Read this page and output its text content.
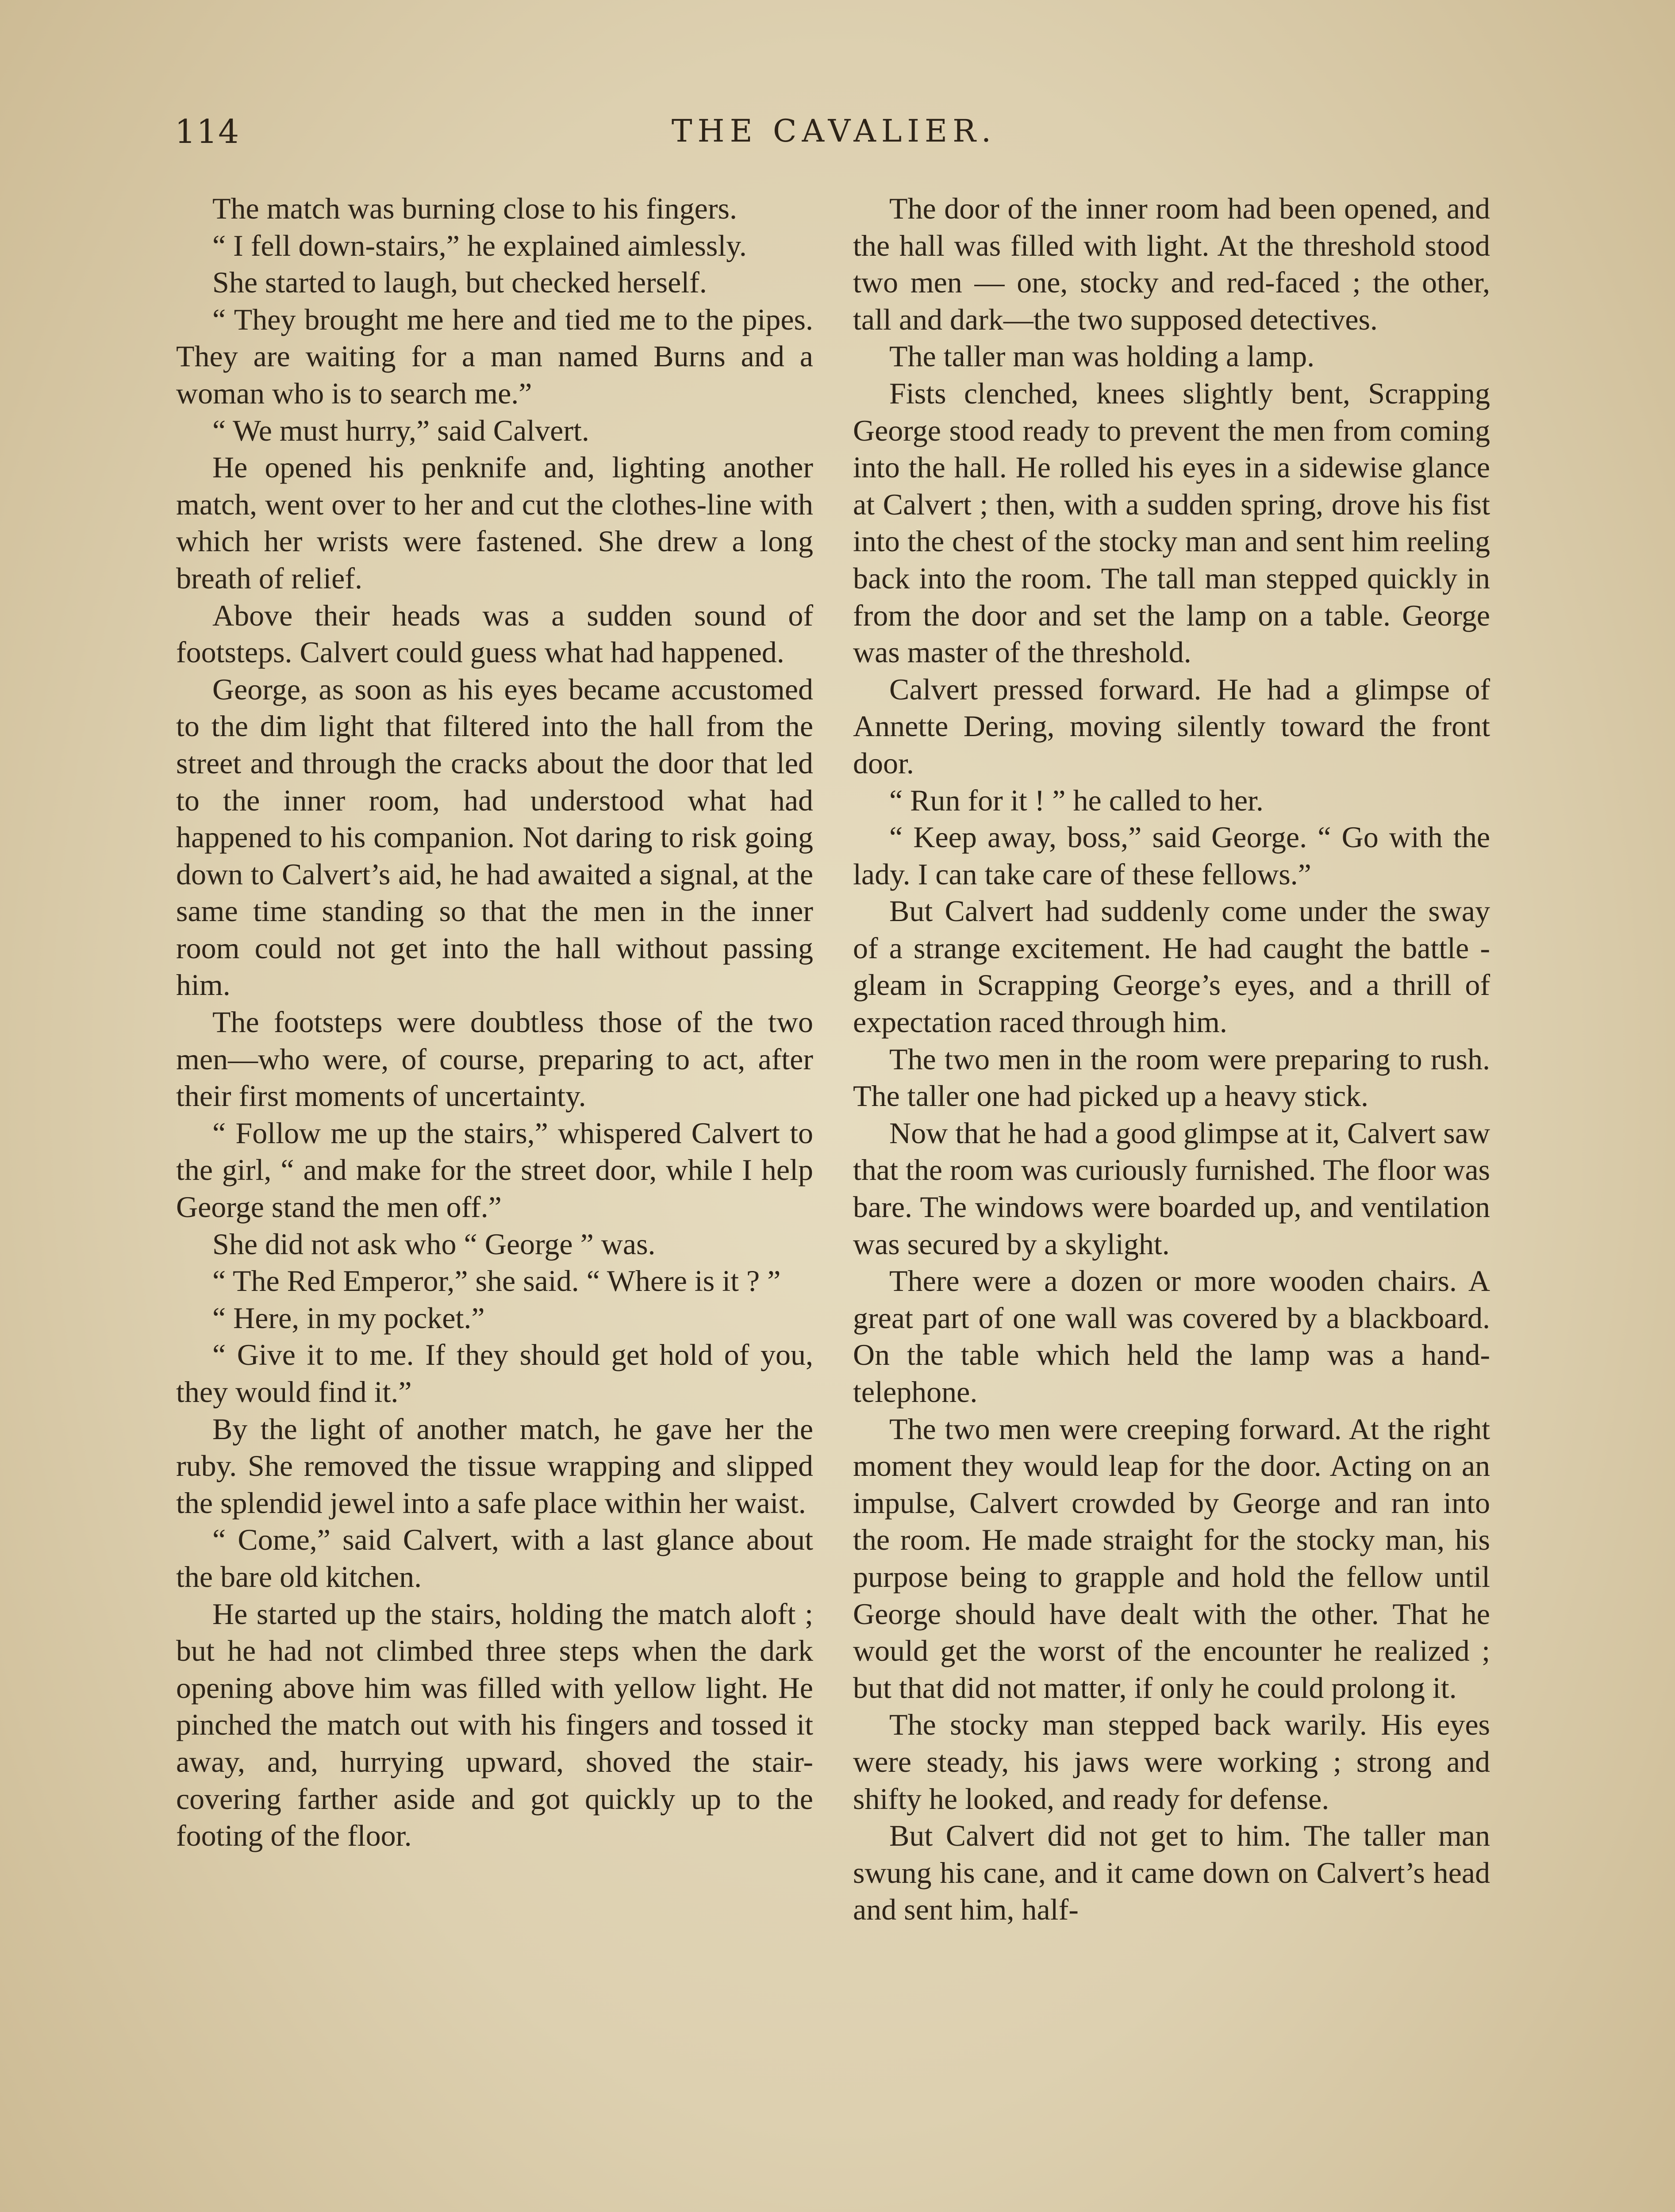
114	THE CAVALIER.

The match was burning close to his fingers.

“ I fell down-stairs,” he explained aimlessly.

She started to laugh, but checked herself.

“ They brought me here and tied me to the pipes. They are waiting for a man named Burns and a woman who is to search me.”

“ We must hurry,” said Calvert.

He opened his penknife and, lighting another match, went over to her and cut the clothes-line with which her wrists were fastened. She drew a long breath of relief.

Above their heads was a sudden sound of footsteps. Calvert could guess what had happened.

George, as soon as his eyes became accustomed to the dim light that filtered into the hall from the street and through the cracks about the door that led to the inner room, had understood what had happened to his companion. Not daring to risk going down to Calvert’s aid, he had awaited a signal, at the same time standing so that the men in the inner room could not get into the hall without passing him.

The footsteps were doubtless those of the two men—who were, of course, preparing to act, after their first moments of uncertainty.

“ Follow me up the stairs,” whispered Calvert to the girl, “ and make for the street door, while I help George stand the men off.”

She did not ask who “ George ” was.

“ The Red Emperor,” she said. “ Where is it ? ”

“ Here, in my pocket.”

“ Give it to me. If they should get hold of you, they would find it.”

By the light of another match, he gave her the ruby. She removed the tissue wrapping and slipped the splendid jewel into a safe place within her waist.

“ Come,” said Calvert, with a last glance about the bare old kitchen.

He started up the stairs, holding the match aloft ; but he had not climbed three steps when the dark opening above him was filled with yellow light. He pinched the match out with his fingers and tossed it away, and, hurrying upward, shoved the stair-covering farther aside and got quickly up to the footing of the floor.

The door of the inner room had been opened, and the hall was filled with light. At the threshold stood two men — one, stocky and red-faced ; the other, tall and dark—the two supposed detectives.

The taller man was holding a lamp.

Fists clenched, knees slightly bent, Scrapping George stood ready to prevent the men from coming into the hall. He rolled his eyes in a sidewise glance at Calvert ; then, with a sudden spring, drove his fist into the chest of the stocky man and sent him reeling back into the room. The tall man stepped quickly in from the door and set the lamp on a table. George was master of the threshold.

Calvert pressed forward. He had a glimpse of Annette Dering, moving silently toward the front door.

“ Run for it ! ” he called to her.

“ Keep away, boss,” said George. “ Go with the lady. I can take care of these fellows.”

But Calvert had suddenly come under the sway of a strange excitement. He had caught the battle - gleam in Scrapping George’s eyes, and a thrill of expectation raced through him.

The two men in the room were preparing to rush. The taller one had picked up a heavy stick.

Now that he had a good glimpse at it, Calvert saw that the room was curiously furnished. The floor was bare. The windows were boarded up, and ventilation was secured by a skylight.

There were a dozen or more wooden chairs. A great part of one wall was covered by a blackboard. On the table which held the lamp was a hand-telephone.

The two men were creeping forward. At the right moment they would leap for the door. Acting on an impulse, Calvert crowded by George and ran into the room. He made straight for the stocky man, his purpose being to grapple and hold the fellow until George should have dealt with the other. That he would get the worst of the encounter he realized ; but that did not matter, if only he could prolong it.

The stocky man stepped back warily. His eyes were steady, his jaws were working ; strong and shifty he looked, and ready for defense.

But Calvert did not get to him. The taller man swung his cane, and it came down on Calvert’s head and sent him, half-
